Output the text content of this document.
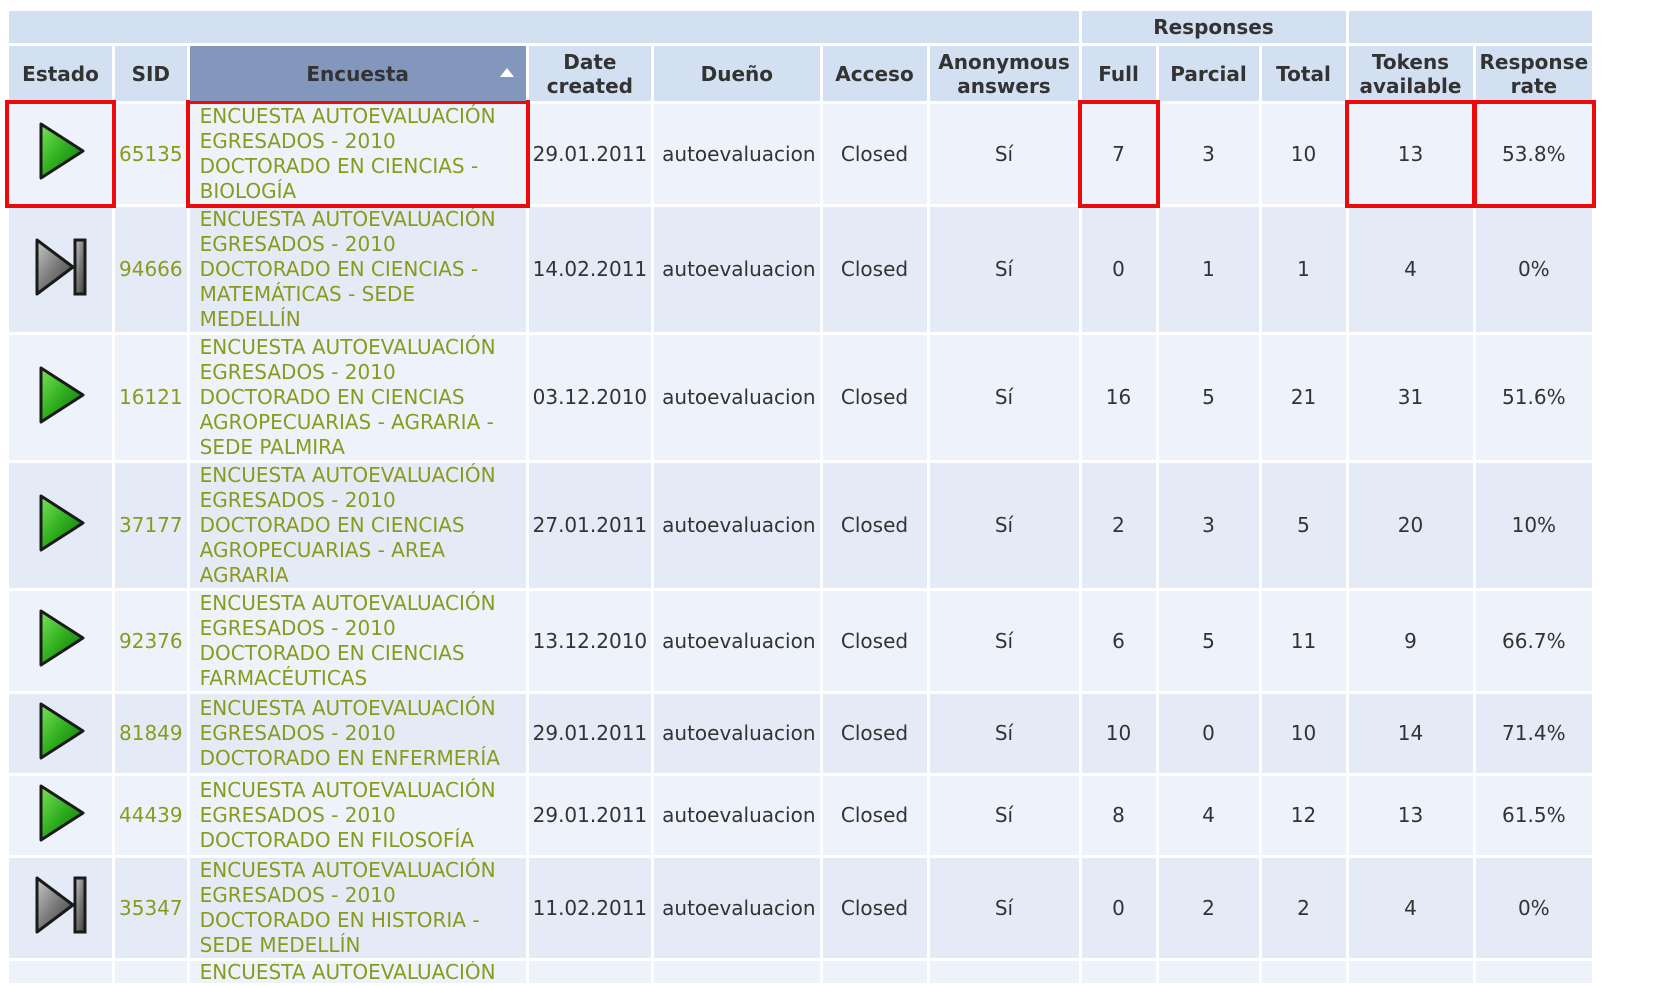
							Responses				
Estado	SID	Encuesta	Date created	Dueño	Acceso	Anonymous answers	Full	Parcial	Total	Tokens available	Response rate
	65135	ENCUESTA AUTOEVALUACIÓN EGRESADOS - 2010 DOCTORADO EN CIENCIAS - BIOLOGÍA	29.01.2011	autoevaluacion	Closed	Sí	7	3	10	13	53.8%
	94666	ENCUESTA AUTOEVALUACIÓN EGRESADOS - 2010 DOCTORADO EN CIENCIAS - MATEMÁTICAS - SEDE MEDELLÍN	14.02.2011	autoevaluacion	Closed	Sí	0	1	1	4	0%
	16121	ENCUESTA AUTOEVALUACIÓN EGRESADOS - 2010 DOCTORADO EN CIENCIAS AGROPECUARIAS - AGRARIA - SEDE PALMIRA	03.12.2010	autoevaluacion	Closed	Sí	16	5	21	31	51.6%
	37177	ENCUESTA AUTOEVALUACIÓN EGRESADOS - 2010 DOCTORADO EN CIENCIAS AGROPECUARIAS - AREA AGRARIA	27.01.2011	autoevaluacion	Closed	Sí	2	3	5	20	10%
	92376	ENCUESTA AUTOEVALUACIÓN EGRESADOS - 2010 DOCTORADO EN CIENCIAS FARMACÉUTICAS	13.12.2010	autoevaluacion	Closed	Sí	6	5	11	9	66.7%
	81849	ENCUESTA AUTOEVALUACIÓN EGRESADOS - 2010 DOCTORADO EN ENFERMERÍA	29.01.2011	autoevaluacion	Closed	Sí	10	0	10	14	71.4%
	44439	ENCUESTA AUTOEVALUACIÓN EGRESADOS - 2010 DOCTORADO EN FILOSOFÍA	29.01.2011	autoevaluacion	Closed	Sí	8	4	12	13	61.5%
	35347	ENCUESTA AUTOEVALUACIÓN EGRESADOS - 2010 DOCTORADO EN HISTORIA - SEDE MEDELLÍN	11.02.2011	autoevaluacion	Closed	Sí	0	2	2	4	0%
		ENCUESTA AUTOEVALUACIÓN									
